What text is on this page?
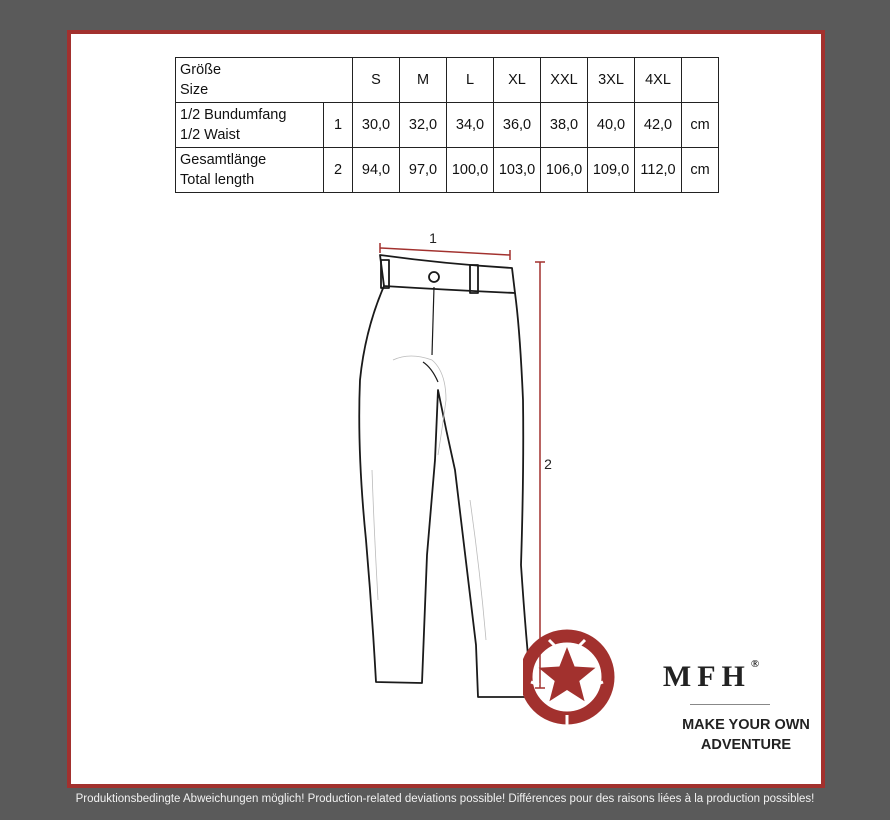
Größe
Size		S	M	L	XL	XXL	3XL	4XL	

1/2 Bundumfang
1/2 Waist	1	30,0	32,0	34,0	36,0	38,0	40,0	42,0	cm

Gesamtlänge
Total length	2	94,0	97,0	100,0	103,0	106,0	109,0	112,0	cm
1
2
MFH®
MAKE YOUR OWN
ADVENTURE
Produktionsbedingte Abweichungen möglich! Production-related deviations possible! Différences pour des raisons liées à la production possibles!
